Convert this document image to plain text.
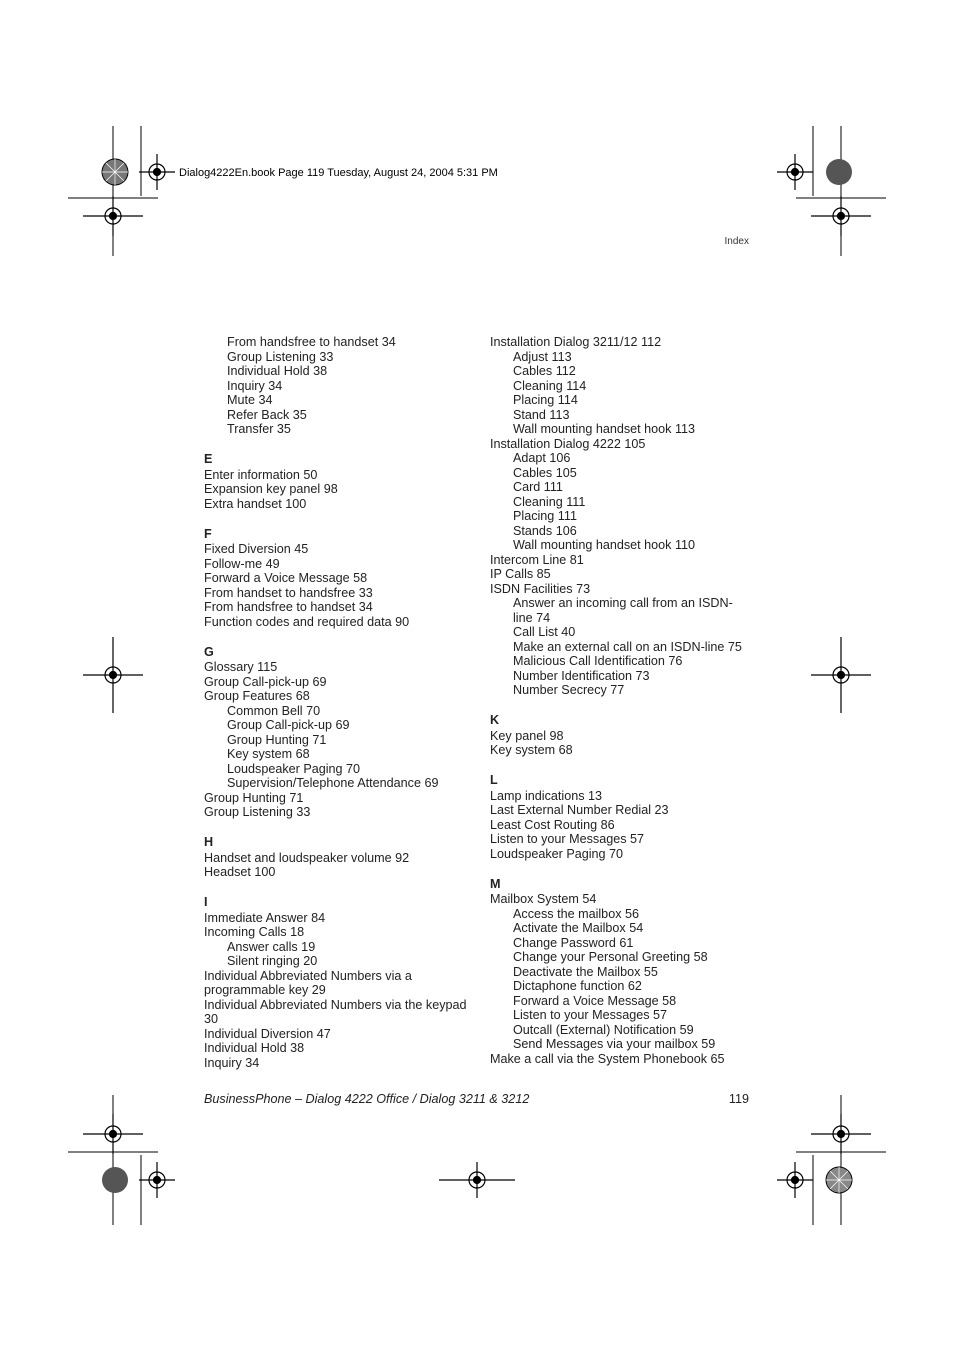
Dialog4222En.book Page 119 Tuesday, August 24, 2004 5:31 PM
Index
From handsfree to handset 34
Group Listening 33
Individual Hold 38
Inquiry 34
Mute 34
Refer Back 35
Transfer 35
E
Enter information 50
Expansion key panel 98
Extra handset 100
F
Fixed Diversion 45
Follow-me 49
Forward a Voice Message 58
From handset to handsfree 33
From handsfree to handset 34
Function codes and required data 90
G
Glossary 115
Group Call-pick-up 69
Group Features 68
Common Bell 70
Group Call-pick-up 69
Group Hunting 71
Key system 68
Loudspeaker Paging 70
Supervision/Telephone Attendance 69
Group Hunting 71
Group Listening 33
H
Handset and loudspeaker volume 92
Headset 100
I
Immediate Answer 84
Incoming Calls 18
Answer calls 19
Silent ringing 20
Individual Abbreviated Numbers via a programmable key 29
Individual Abbreviated Numbers via the keypad 30
Individual Diversion 47
Individual Hold 38
Inquiry 34
Installation Dialog 3211/12 112
Adjust 113
Cables 112
Cleaning 114
Placing 114
Stand 113
Wall mounting handset hook 113
Installation Dialog 4222 105
Adapt 106
Cables 105
Card 111
Cleaning 111
Placing 111
Stands 106
Wall mounting handset hook 110
Intercom Line 81
IP Calls 85
ISDN Facilities 73
Answer an incoming call from an ISDN-line 74
Call List 40
Make an external call on an ISDN-line 75
Malicious Call Identification 76
Number Identification 73
Number Secrecy 77
K
Key panel 98
Key system 68
L
Lamp indications 13
Last External Number Redial 23
Least Cost Routing 86
Listen to your Messages 57
Loudspeaker Paging 70
M
Mailbox System 54
Access the mailbox 56
Activate the Mailbox 54
Change Password 61
Change your Personal Greeting 58
Deactivate the Mailbox 55
Dictaphone function 62
Forward a Voice Message 58
Listen to your Messages 57
Outcall (External) Notification 59
Send Messages via your mailbox 59
Make a call via the System Phonebook 65
BusinessPhone – Dialog 4222 Office / Dialog 3211 & 3212	119
